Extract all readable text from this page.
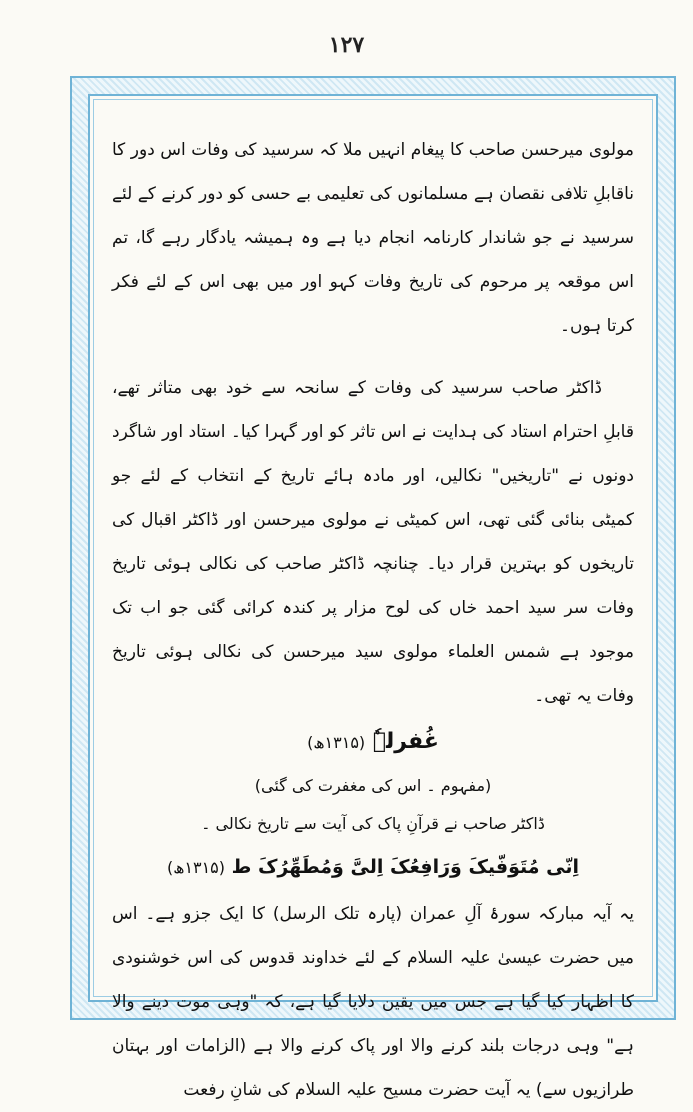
۱۲۷

مولوی میرحسن صاحب کا پیغام انہیں ملا کہ سرسید کی وفات اس دور کا ناقابلِ تلافی نقصان ہے مسلمانوں کی تعلیمی بے حسی کو دور کرنے کے لئے سرسید نے جو شاندار کارنامہ انجام دیا ہے وہ ہمیشہ یادگار رہے گا، تم اس موقعہ پر مرحوم کی تاریخ وفات کہو اور میں بھی اس کے لئے فکر کرتا ہوں۔

ڈاکٹر صاحب سرسید کی وفات کے سانحہ سے خود بھی متاثر تھے، قابلِ احترام استاد کی ہدایت نے اس تاثر کو اور گہرا کیا۔ استاد اور شاگرد دونوں نے "تاریخیں" نکالیں، اور مادہ ہائے تاریخ کے انتخاب کے لئے جو کمیٹی بنائی گئی تھی، اس کمیٹی نے مولوی میرحسن اور ڈاکٹر اقبال کی تاریخوں کو بہترین قرار دیا۔ چنانچہ ڈاکٹر صاحب کی نکالی ہوئی تاریخ وفات سر سید احمد خاں کی لوح مزار پر کندہ کرائی گئی جو اب تک موجود ہے شمس العلماء مولوی سید میرحسن کی نکالی ہوئی تاریخ وفات یہ تھی۔

غُفرلہٗ (۱۳۱۵ھ)

(مفہوم ۔ اس کی مغفرت کی گئی)

ڈاکٹر صاحب نے قرآنِ پاک کی آیت سے تاریخ نکالی ۔

اِنّی مُتَوَفّیکَ وَرَافِعُکَ اِلیَّ وَمُطَهِّرُکَ ط (۱۳۱۵ھ)

یہ آیہ مبارکہ سورۂ آلِ عمران (پارہ تلک الرسل) کا ایک جزو ہے۔ اس میں حضرت عیسیٰ علیہ السلام کے لئے خداوند قدوس کی اس خوشنودی کا اظہار کیا گیا ہے جس میں یقین دلایا گیا ہے، کہ "وہی موت دینے والا ہے" وہی درجات بلند کرنے والا اور پاک کرنے والا ہے (الزامات اور بہتان طرازیوں سے) یہ آیت حضرت مسیح علیہ السلام کی شانِ رفعت
